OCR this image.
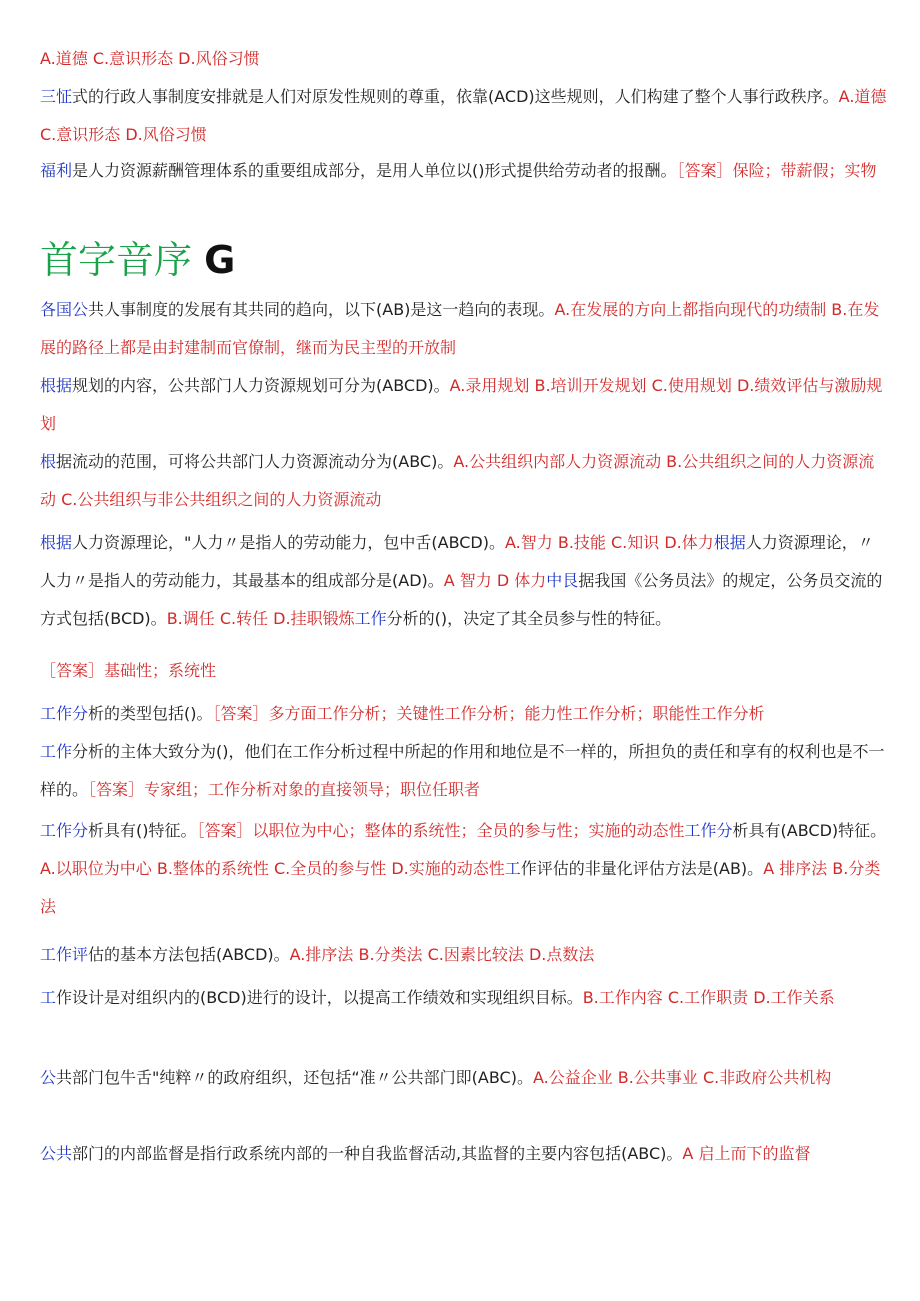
A.道德 C.意识形态 D.风俗习惯

三怔式的行政人事制度安排就是人们对原发性规则的尊重，依靠(ACD)这些规则，人们构建了整个人事行政秩序。A.道德 C.意识形态 D.风俗习惯

福利是人力资源薪酬管理体系的重要组成部分，是用人单位以()形式提供给劳动者的报酬。［答案］保险；带薪假；实物

首字音序 G

各国公共人事制度的发展有其共同的趋向，以下(AB)是这一趋向的表现。A.在发展的方向上都指向现代的功绩制 B.在发展的路径上都是由封建制而官僚制，继而为民主型的开放制

根据规划的内容，公共部门人力资源规划可分为(ABCD)。A.录用规划 B.培训开发规划 C.使用规划 D.绩效评估与激励规划

根据流动的范围，可将公共部门人力资源流动分为(ABC)。A.公共组织内部人力资源流动 B.公共组织之间的人力资源流动 C.公共组织与非公共组织之间的人力资源流动

根据人力资源理论，"人力〃是指人的劳动能力，包中舌(ABCD)。A.智力 B.技能 C.知识 D.体力根据人力资源理论，〃人力〃是指人的劳动能力，其最基本的组成部分是(AD)。A 智力 D 体力中艮据我国《公务员法》的规定，公务员交流的方式包括(BCD)。B.调任 C.转任 D.挂职锻炼工作分析的()，决定了其全员参与性的特征。

［答案］基础性；系统性

工作分析的类型包括()。［答案］多方面工作分析；关键性工作分析；能力性工作分析；职能性工作分析

工作分析的主体大致分为()，他们在工作分析过程中所起的作用和地位是不一样的，所担负的责任和享有的权利也是不一样的。［答案］专家组；工作分析对象的直接领导；职位任职者

工作分析具有()特征。［答案］以职位为中心；整体的系统性；全员的参与性；实施的动态性工作分析具有(ABCD)特征。A.以职位为中心 B.整体的系统性 C.全员的参与性 D.实施的动态性工作评估的非量化评估方法是(AB)。A 排序法 B.分类法

工作评估的基本方法包括(ABCD)。A.排序法 B.分类法 C.因素比较法 D.点数法

工作设计是对组织内的(BCD)进行的设计，以提高工作绩效和实现组织目标。B.工作内容 C.工作职责 D.工作关系

公共部门包牛舌"纯粹〃的政府组织，还包括“准〃公共部门即(ABC)。A.公益企业 B.公共事业 C.非政府公共机构

公共部门的内部监督是指行政系统内部的一种自我监督活动,其监督的主要内容包括(ABC)。A 启上而下的监督
